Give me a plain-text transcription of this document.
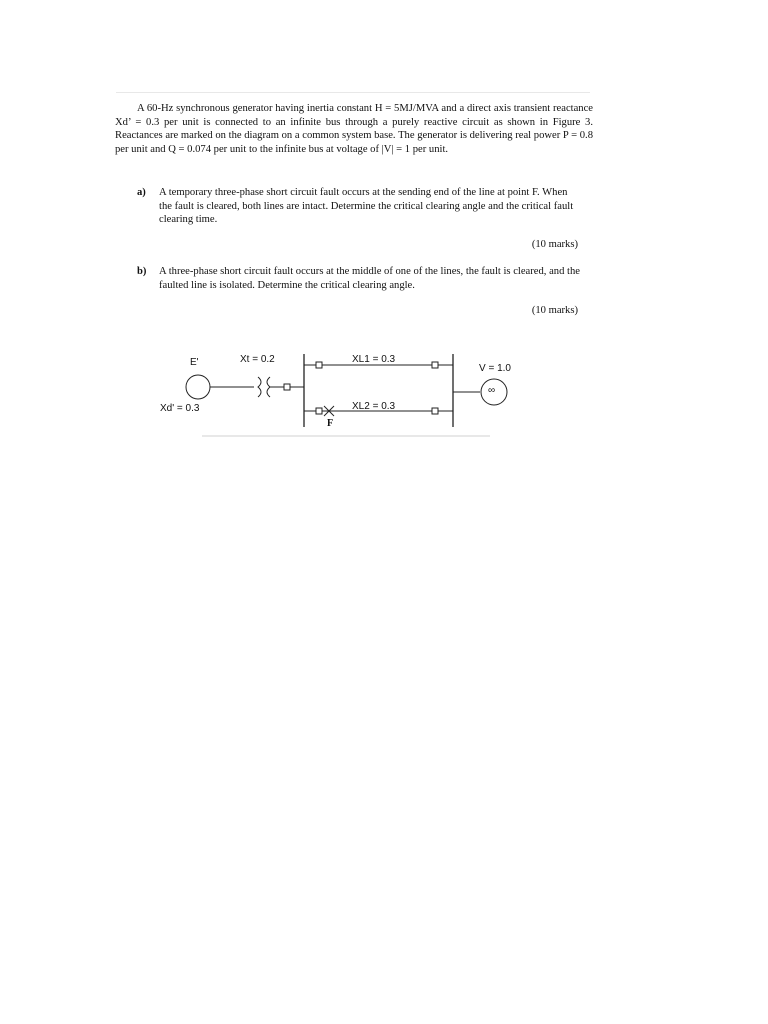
A 60-Hz synchronous generator having inertia constant H = 5MJ/MVA and a direct axis transient reactance Xd’ = 0.3 per unit is connected to an infinite bus through a purely reactive circuit as shown in Figure 3. Reactances are marked on the diagram on a common system base. The generator is delivering real power P = 0.8 per unit and Q = 0.074 per unit to the infinite bus at voltage of |V| = 1 per unit.

a) A temporary three-phase short circuit fault occurs at the sending end of the line at point F. When the fault is cleared, both lines are intact. Determine the critical clearing angle and the critical fault clearing time.
(10 marks)
b) A three-phase short circuit fault occurs at the middle of one of the lines, the fault is cleared, and the faulted line is isolated. Determine the critical clearing angle.
(10 marks)
E'	Xt = 0.2	XL1 = 0.3
XL2 = 0.3
V = 1.0
Xd' = 0.3
F
∞
